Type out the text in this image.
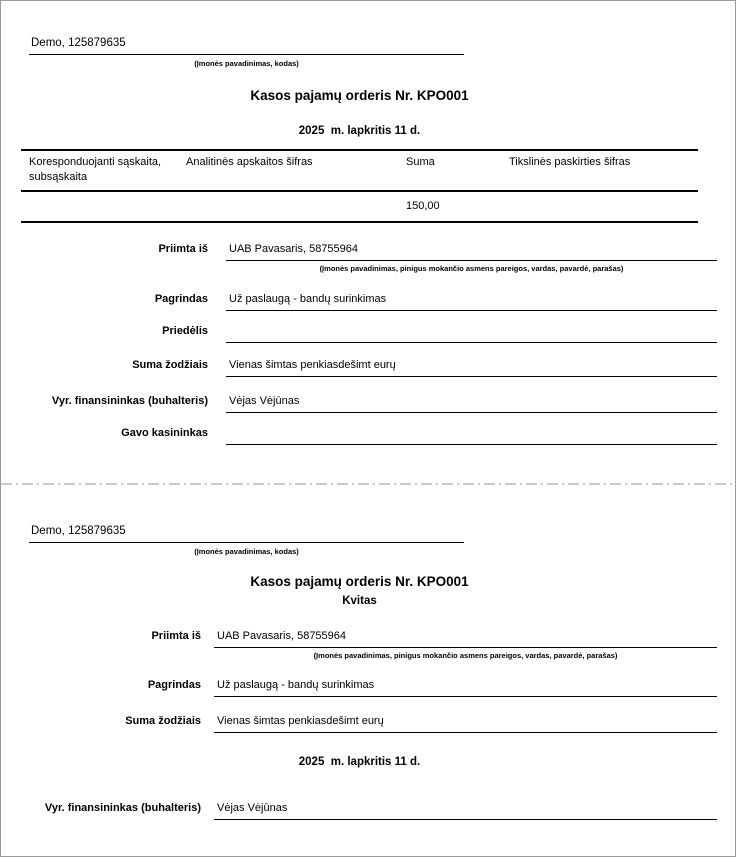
Demo, 125879635
(Įmonės pavadinimas, kodas)
Kasos pajamų orderis Nr. KPO001
2025  m. lapkritis 11 d.
Koresponduojanti sąskaita, subsąskaita
Analitinės apskaitos šifras	Suma	Tikslinės paskirties šifras
150,00
Priimta iš UAB Pavasaris, 58755964
(Įmonės pavadinimas, pinigus mokančio asmens pareigos, vardas, pavardė, parašas)
Pagrindas Už paslaugą - bandų surinkimas
Priedėlis
Suma žodžiais Vienas šimtas penkiasdešimt eurų
Vyr. finansininkas (buhalteris) Vėjas Vėjūnas
Gavo kasininkas
Demo, 125879635
(Įmonės pavadinimas, kodas)
Kasos pajamų orderis Nr. KPO001
Kvitas
Priimta iš UAB Pavasaris, 58755964
(Įmonės pavadinimas, pinigus mokančio asmens pareigos, vardas, pavardė, parašas)
Pagrindas Už paslaugą - bandų surinkimas
Suma žodžiais Vienas šimtas penkiasdešimt eurų
2025  m. lapkritis 11 d.
Vyr. finansininkas (buhalteris) Vėjas Vėjūnas
